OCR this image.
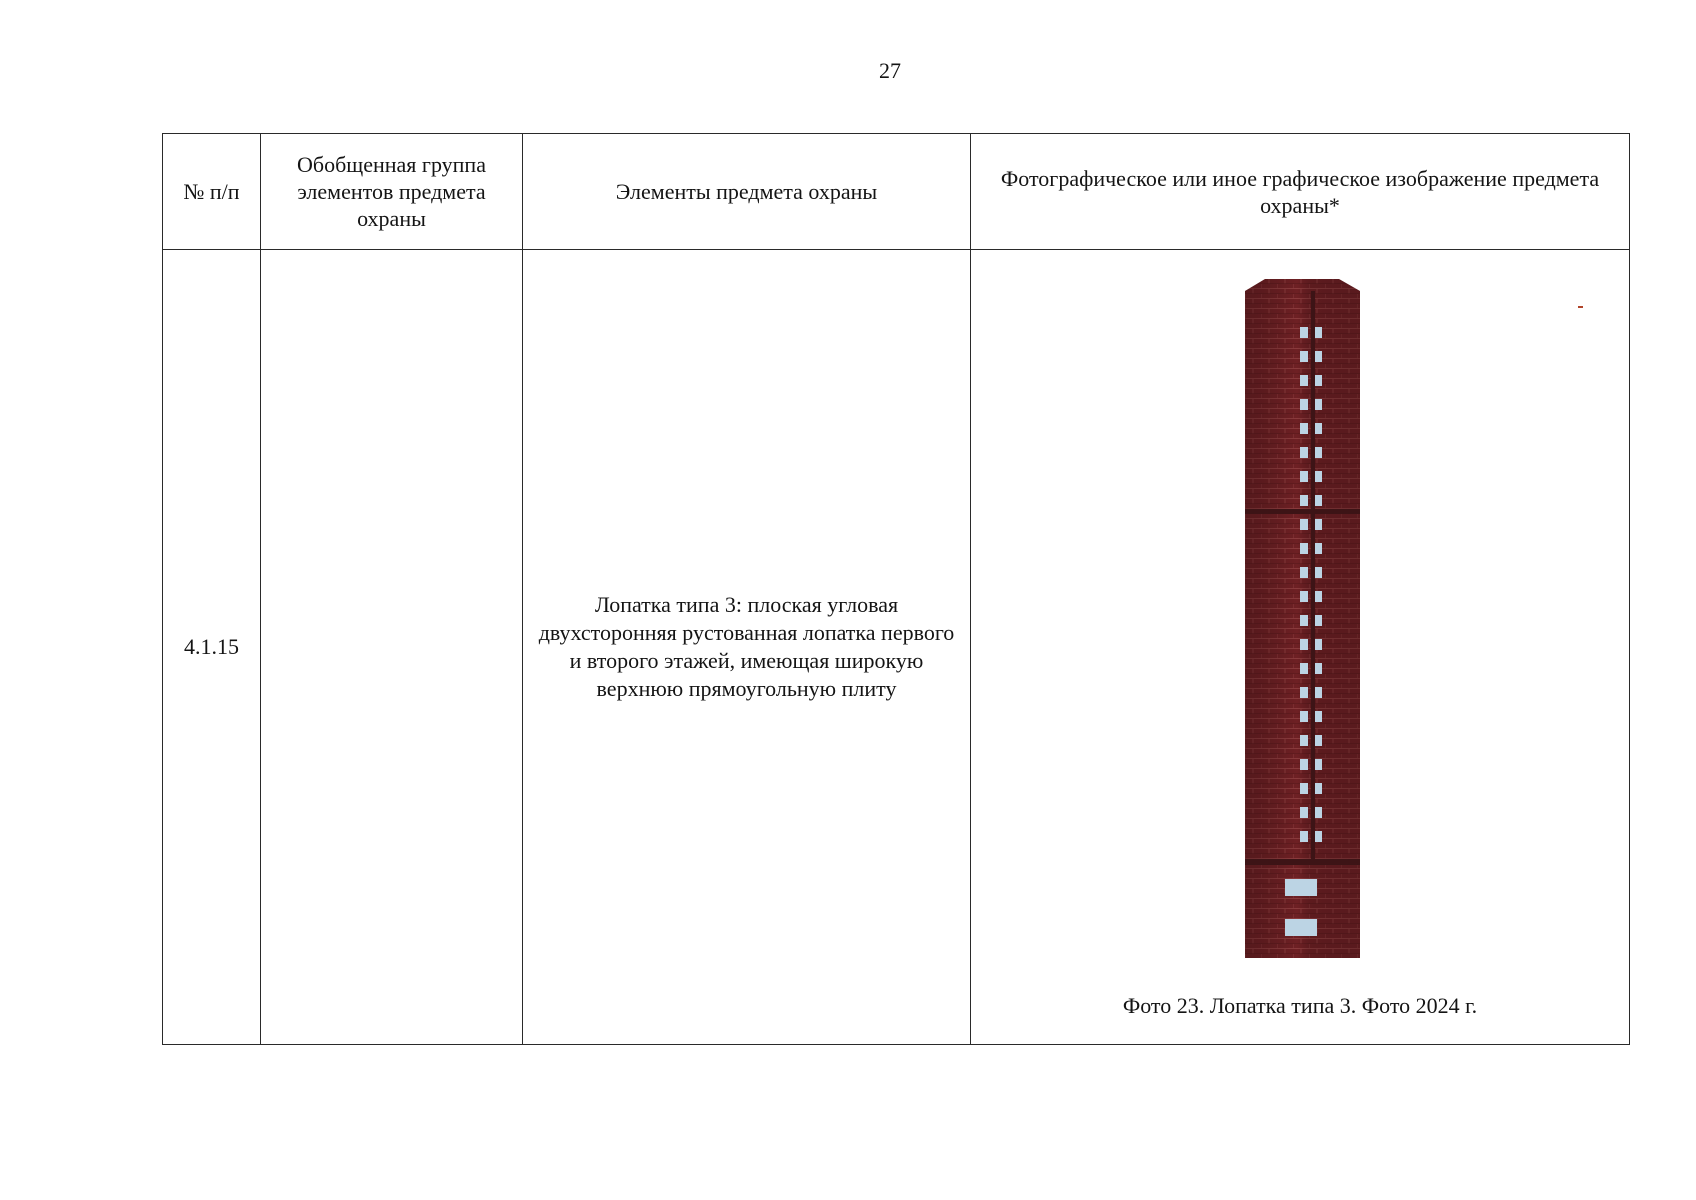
27
№ п/п	Обобщенная группа элементов предмета охраны	Элементы предмета охраны	Фотографическое или иное графическое изображение предмета охраны*
4.1.15		Лопатка типа 3: плоская угловая двухсторонняя рустованная лопатка первого и второго этажей, имеющая широкую верхнюю прямоугольную плиту	Фото 23. Лопатка типа 3. Фото 2024 г.
